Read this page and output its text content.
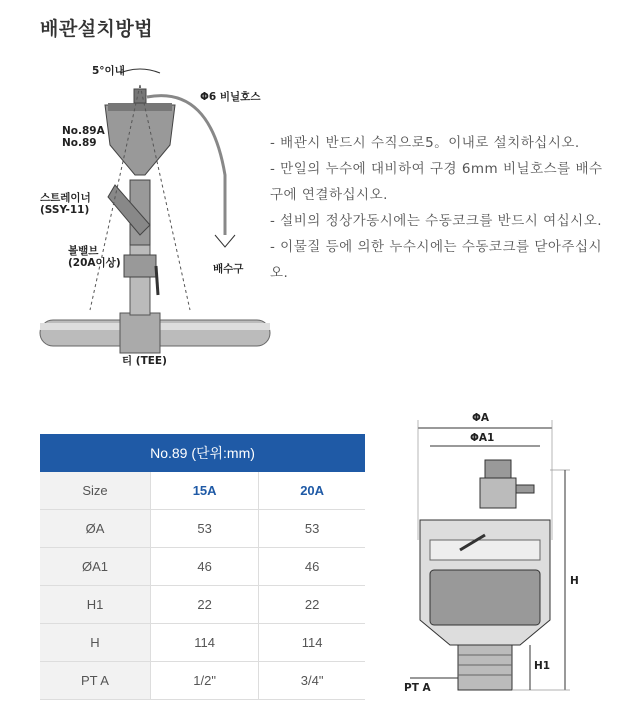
배관설치방법
5°이내
Φ6 비닐호스
No.89A
No.89
스트레이너
(SSY-11)
볼밸브
(20A이상)	배수구
티 (TEE)

- 배관시 반드시 수직으로5。이내로 설치하십시오.

- 만일의 누수에 대비하여 구경 6mm 비닐호스를 배수구에 연결하십시오.

- 설비의 정상가동시에는 수동코크를 반드시 여십시오.

- 이물질 등에 의한 누수시에는 수동코크를 닫아주십시오.

No.89 (단위:mm)		
Size	15A	20A
ØA	53	53
ØA1	46	46
H1	22	22
H	114	114
PT A	1/2"	3/4"
ΦA
ΦA1
H
H1
PT A
